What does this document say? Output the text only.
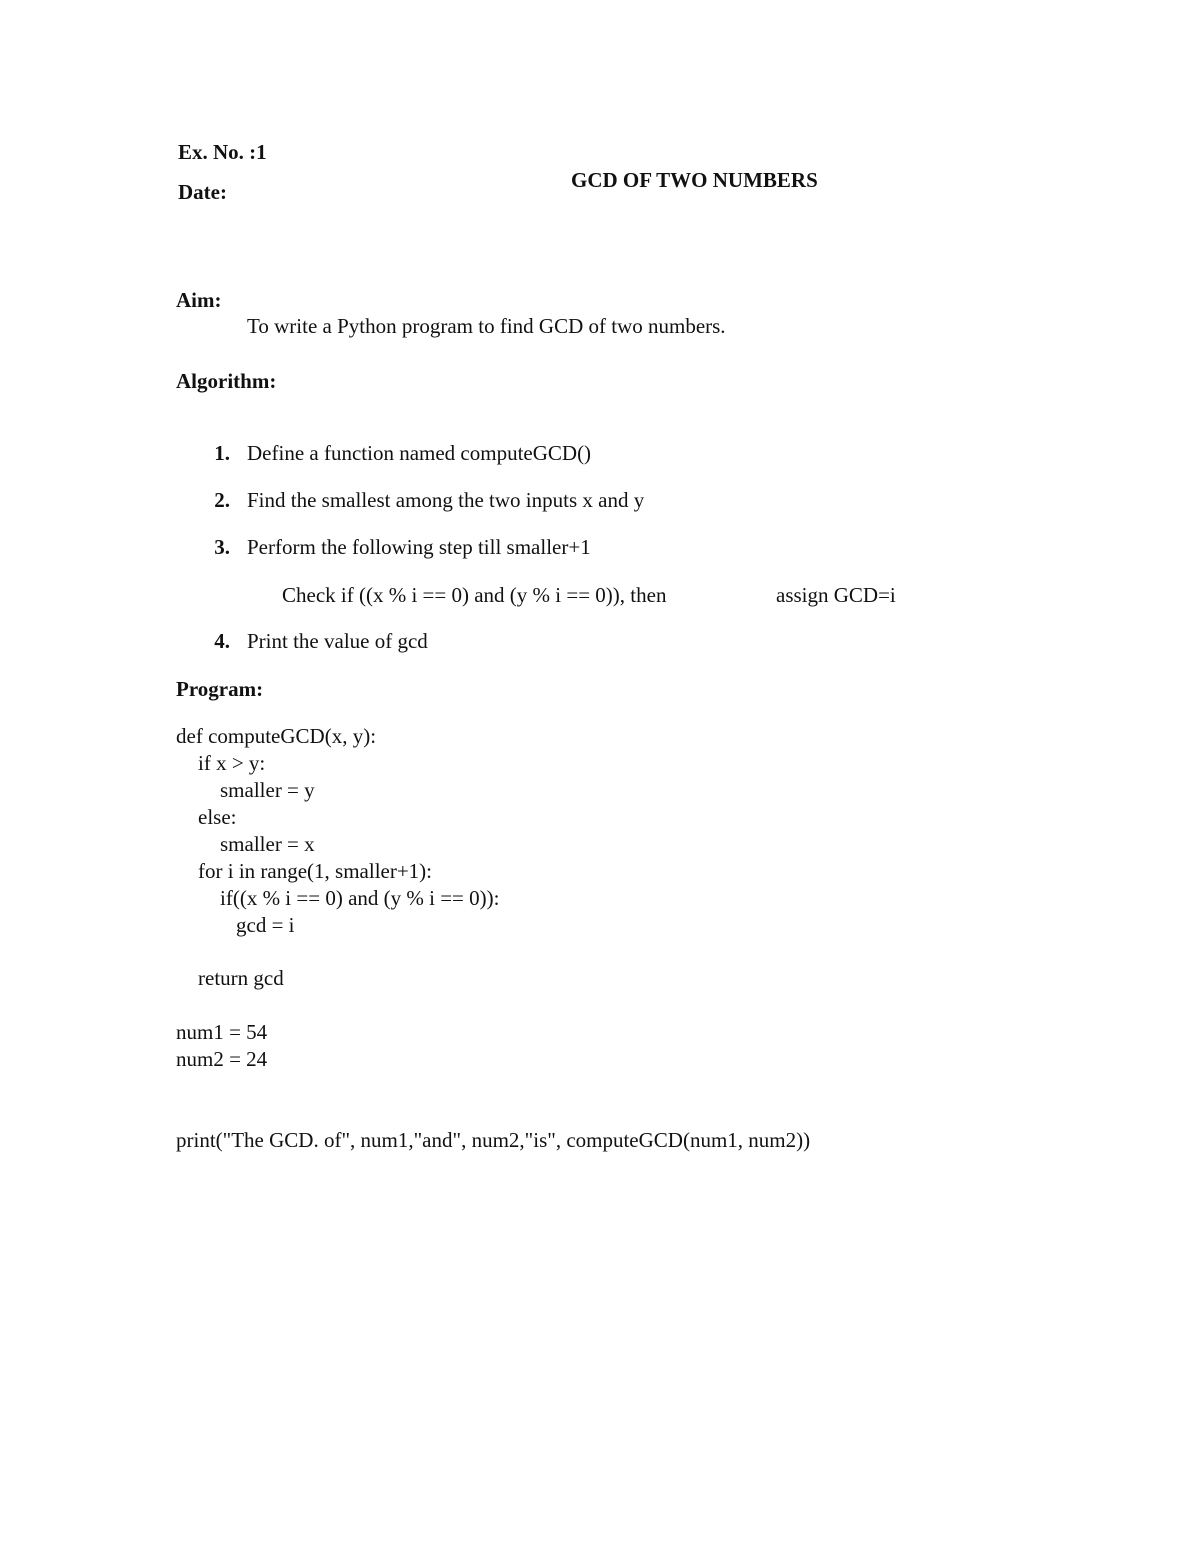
Ex. No. :1
Date:	GCD OF TWO NUMBERS
Aim:
To write a Python program to find GCD of two numbers.
Algorithm:
1. Define a function named computeGCD()
2. Find the smallest among the two inputs x and y
3. Perform the following step till smaller+1
Check if ((x % i == 0) and (y % i == 0)), then	assign GCD=i
4. Print the value of gcd
Program:

def computeGCD(x, y):

if x > y:

smaller = y

else:

smaller = x

for i in range(1, smaller+1):

if((x % i == 0) and (y % i == 0)):

gcd = i

return gcd

num1 = 54

num2 = 24

print("The GCD. of", num1,"and", num2,"is", computeGCD(num1, num2))
